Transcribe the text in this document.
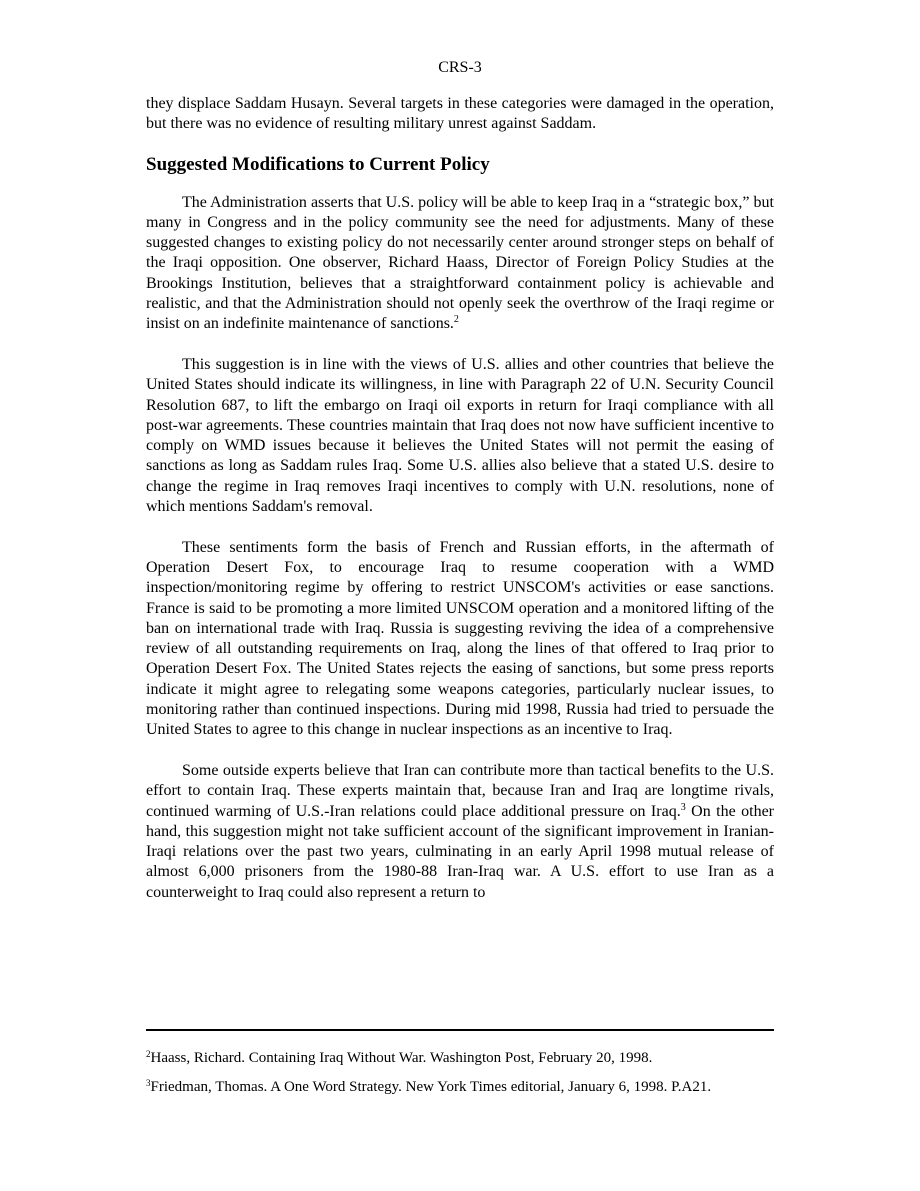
CRS-3

they displace Saddam Husayn. Several targets in these categories were damaged in the operation, but there was no evidence of resulting military unrest against Saddam.

Suggested Modifications to Current Policy

The Administration asserts that U.S. policy will be able to keep Iraq in a “strategic box,” but many in Congress and in the policy community see the need for adjustments. Many of these suggested changes to existing policy do not necessarily center around stronger steps on behalf of the Iraqi opposition. One observer, Richard Haass, Director of Foreign Policy Studies at the Brookings Institution, believes that a straightforward containment policy is achievable and realistic, and that the Administration should not openly seek the overthrow of the Iraqi regime or insist on an indefinite maintenance of sanctions.$^2$

This suggestion is in line with the views of U.S. allies and other countries that believe the United States should indicate its willingness, in line with Paragraph 22 of U.N. Security Council Resolution 687, to lift the embargo on Iraqi oil exports in return for Iraqi compliance with all post-war agreements. These countries maintain that Iraq does not now have sufficient incentive to comply on WMD issues because it believes the United States will not permit the easing of sanctions as long as Saddam rules Iraq. Some U.S. allies also believe that a stated U.S. desire to change the regime in Iraq removes Iraqi incentives to comply with U.N. resolutions, none of which mentions Saddam's removal.

These sentiments form the basis of French and Russian efforts, in the aftermath of Operation Desert Fox, to encourage Iraq to resume cooperation with a WMD inspection/monitoring regime by offering to restrict UNSCOM's activities or ease sanctions. France is said to be promoting a more limited UNSCOM operation and a monitored lifting of the ban on international trade with Iraq. Russia is suggesting reviving the idea of a comprehensive review of all outstanding requirements on Iraq, along the lines of that offered to Iraq prior to Operation Desert Fox. The United States rejects the easing of sanctions, but some press reports indicate it might agree to relegating some weapons categories, particularly nuclear issues, to monitoring rather than continued inspections. During mid 1998, Russia had tried to persuade the United States to agree to this change in nuclear inspections as an incentive to Iraq.

Some outside experts believe that Iran can contribute more than tactical benefits to the U.S. effort to contain Iraq. These experts maintain that, because Iran and Iraq are longtime rivals, continued warming of U.S.-Iran relations could place additional pressure on Iraq.$^3$ On the other hand, this suggestion might not take sufficient account of the significant improvement in Iranian-Iraqi relations over the past two years, culminating in an early April 1998 mutual release of almost 6,000 prisoners from the 1980-88 Iran-Iraq war. A U.S. effort to use Iran as a counterweight to Iraq could also represent a return to

$^2$Haass, Richard. Containing Iraq Without War. Washington Post, February 20, 1998.

$^3$Friedman, Thomas. A One Word Strategy. New York Times editorial, January 6, 1998. P.A21.
